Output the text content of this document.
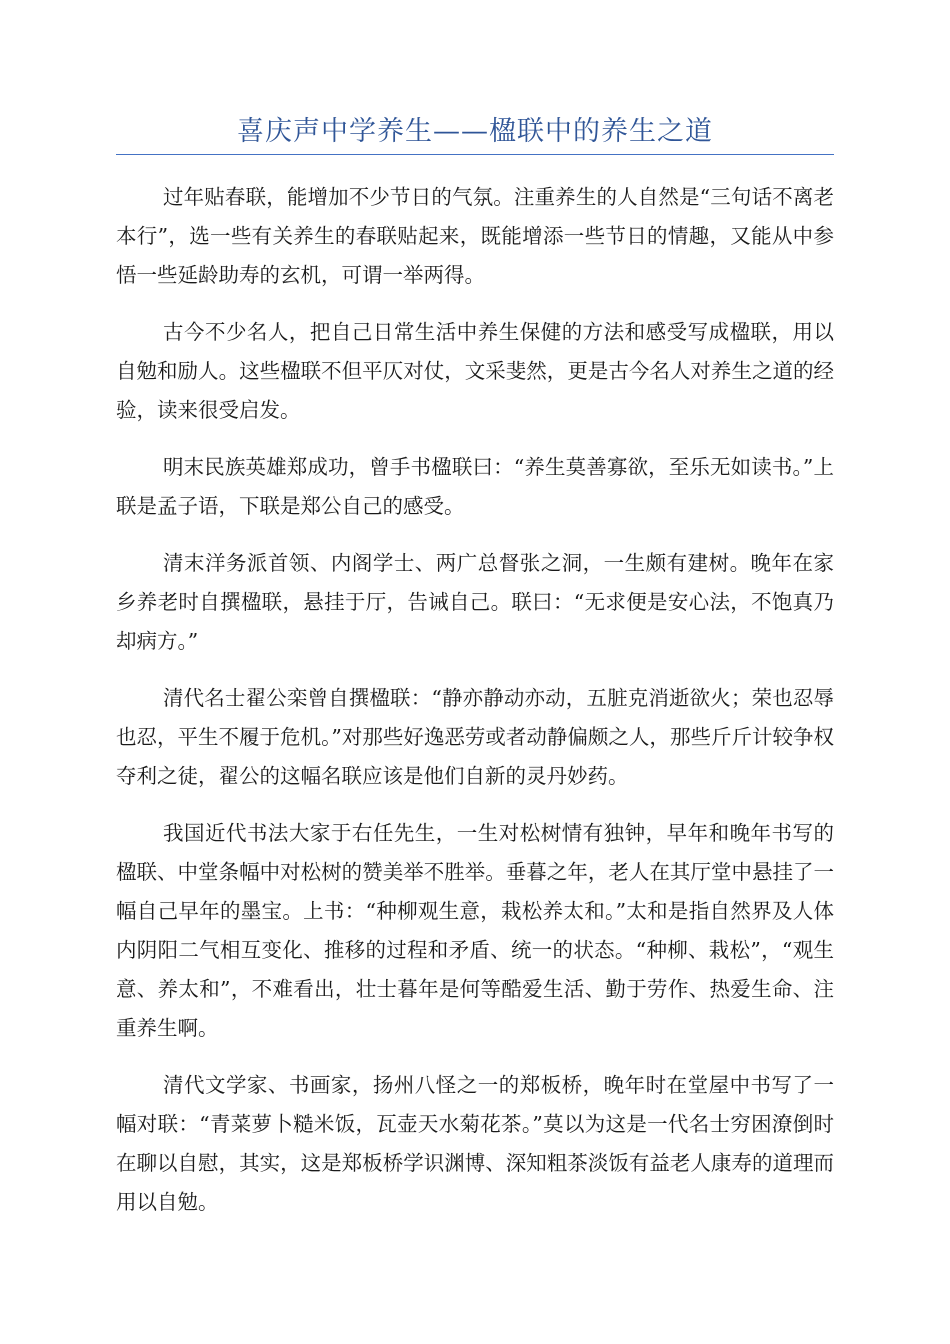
喜庆声中学养生——楹联中的养生之道

过年贴春联，能增加不少节日的气氛。注重养生的人自然是“三句话不离老本行”，选一些有关养生的春联贴起来，既能增添一些节日的情趣，又能从中参悟一些延龄助寿的玄机，可谓一举两得。

古今不少名人，把自己日常生活中养生保健的方法和感受写成楹联，用以自勉和励人。这些楹联不但平仄对仗，文采斐然，更是古今名人对养生之道的经验，读来很受启发。

明末民族英雄郑成功，曾手书楹联曰：“养生莫善寡欲，至乐无如读书。”上联是孟子语，下联是郑公自己的感受。

清末洋务派首领、内阁学士、两广总督张之洞，一生颇有建树。晚年在家乡养老时自撰楹联，悬挂于厅，告诫自己。联曰：“无求便是安心法，不饱真乃却病方。”

清代名士翟公栾曾自撰楹联：“静亦静动亦动，五脏克消逝欲火；荣也忍辱也忍，平生不履于危机。”对那些好逸恶劳或者动静偏颇之人，那些斤斤计较争权夺利之徒，翟公的这幅名联应该是他们自新的灵丹妙药。

我国近代书法大家于右任先生，一生对松树情有独钟，早年和晚年书写的楹联、中堂条幅中对松树的赞美举不胜举。垂暮之年，老人在其厅堂中悬挂了一幅自己早年的墨宝。上书：“种柳观生意，栽松养太和。”太和是指自然界及人体内阴阳二气相互变化、推移的过程和矛盾、统一的状态。“种柳、栽松”，“观生意、养太和”，不难看出，壮士暮年是何等酷爱生活、勤于劳作、热爱生命、注重养生啊。

清代文学家、书画家，扬州八怪之一的郑板桥，晚年时在堂屋中书写了一幅对联：“青菜萝卜糙米饭，瓦壶天水菊花茶。”莫以为这是一代名士穷困潦倒时在聊以自慰，其实，这是郑板桥学识渊博、深知粗茶淡饭有益老人康寿的道理而用以自勉。
